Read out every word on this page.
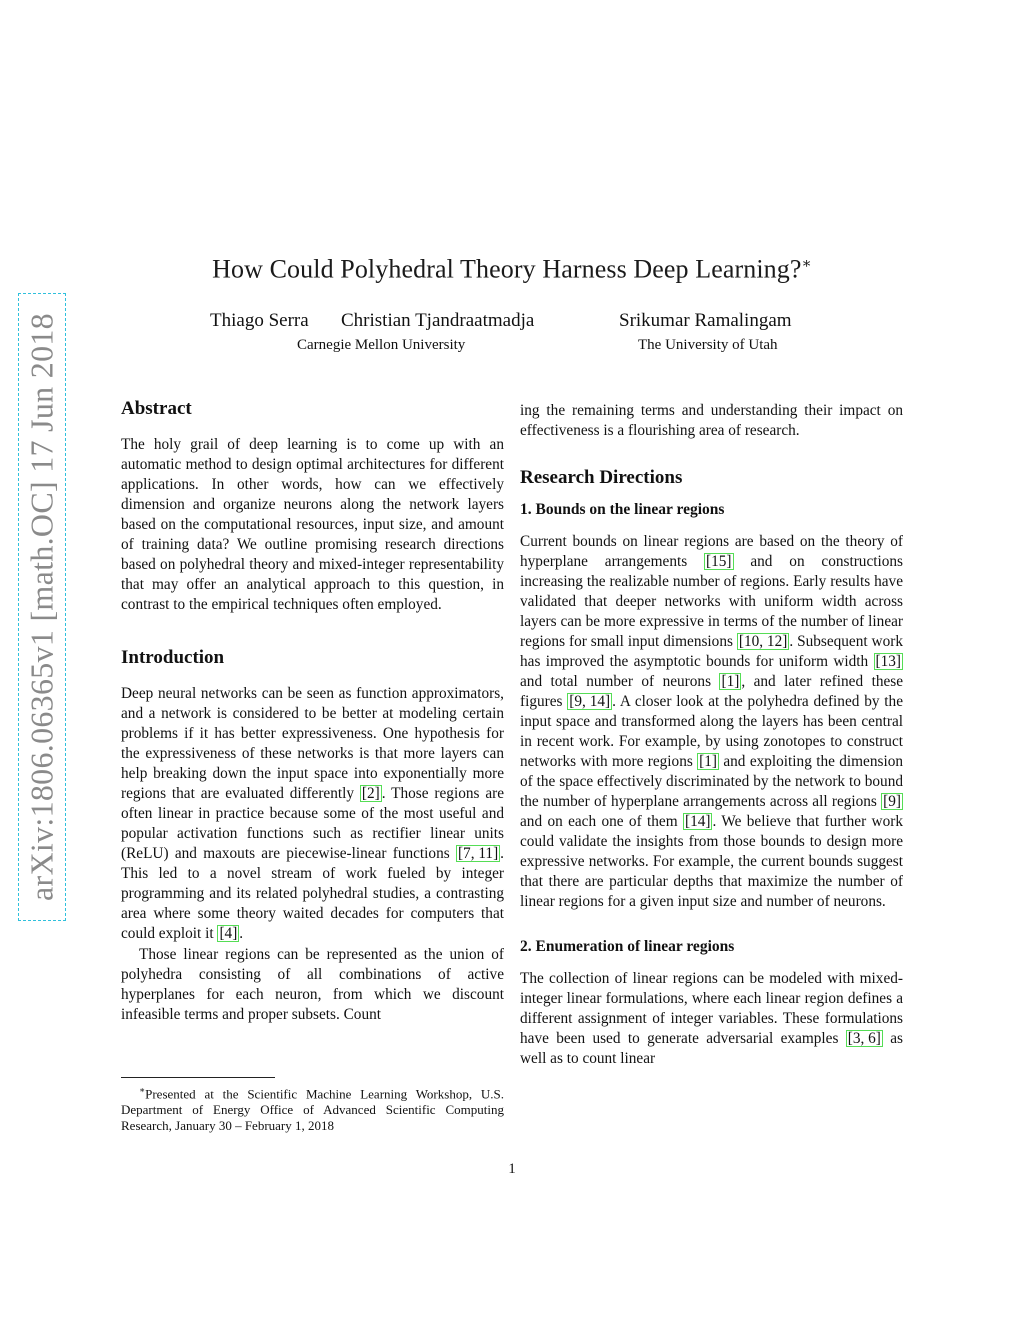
arXiv:1806.06365v1 [math.OC] 17 Jun 2018
How Could Polyhedral Theory Harness Deep Learning?∗
Thiago Serra Christian Tjandraatmadja	Srikumar Ramalingam
Carnegie Mellon University	The University of Utah
Abstract

The holy grail of deep learning is to come up with an automatic method to design optimal architectures for different applications. In other words, how can we effectively dimension and organize neurons along the network layers based on the computational resources, input size, and amount of training data? We outline promising research directions based on polyhedral theory and mixed-integer representability that may offer an analytical approach to this question, in contrast to the empirical techniques often employed.

Introduction

Deep neural networks can be seen as function approximators, and a network is considered to be better at modeling certain problems if it has better expressiveness. One hypothesis for the expressiveness of these networks is that more layers can help breaking down the input space into exponentially more regions that are evaluated differently [2] . Those regions are often linear in practice because some of the most useful and popular activation functions such as rectifier linear units (ReLU) and maxouts are piecewise-linear functions [7, 11] . This led to a novel stream of work fueled by integer programming and its related polyhedral studies, a contrasting area where some theory waited decades for computers that could exploit it [4] .

Those linear regions can be represented as the union of polyhedra consisting of all combinations of active hyperplanes for each neuron, from which we discount infeasible terms and proper subsets. Count

∗Presented at the Scientific Machine Learning Workshop, U.S. Department of Energy Office of Advanced Scientific Computing Research, January 30 – February 1, 2018

ing the remaining terms and understanding their impact on effectiveness is a flourishing area of research.

Research Directions
1. Bounds on the linear regions

Current bounds on linear regions are based on the theory of hyperplane arrangements [15] and on constructions increasing the realizable number of regions. Early results have validated that deeper networks with uniform width across layers can be more expressive in terms of the number of linear regions for small input dimensions [10, 12] . Subsequent work has improved the asymptotic bounds for uniform width [13] and total number of neurons [1] , and later refined these figures [9, 14] . A closer look at the polyhedra defined by the input space and transformed along the layers has been central in recent work. For example, by using zonotopes to construct networks with more regions [1] and exploiting the dimension of the space effectively discriminated by the network to bound the number of hyperplane arrangements across all regions [9] and on each one of them [14] . We believe that further work could validate the insights from those bounds to design more expressive networks. For example, the current bounds suggest that there are particular depths that maximize the number of linear regions for a given input size and number of neurons.

2. Enumeration of linear regions

The collection of linear regions can be modeled with mixed-integer linear formulations, where each linear region defines a different assignment of integer variables. These formulations have been used to generate adversarial examples [3, 6] as well as to count linear

1
